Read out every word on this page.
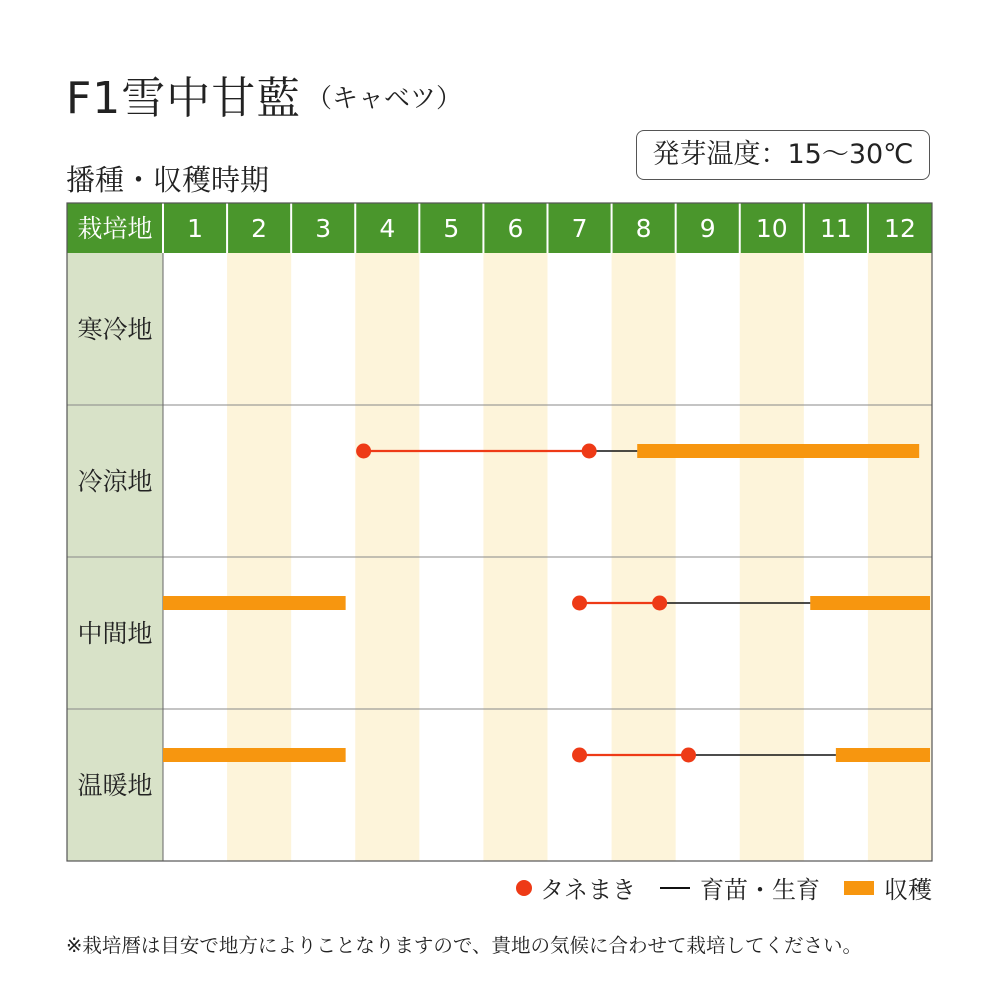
F1雪中甘藍 （キャベツ）
播種・収穫時期
発芽温度：15～30℃
栽培地 1 2 3 4 5 6 7 8 9 10 11 12
寒冷地
冷涼地
中間地
温暖地
タネまき	育苗・生育	収穫
※栽培暦は目安で地方によりことなりますので、貴地の気候に合わせて栽培してください。
